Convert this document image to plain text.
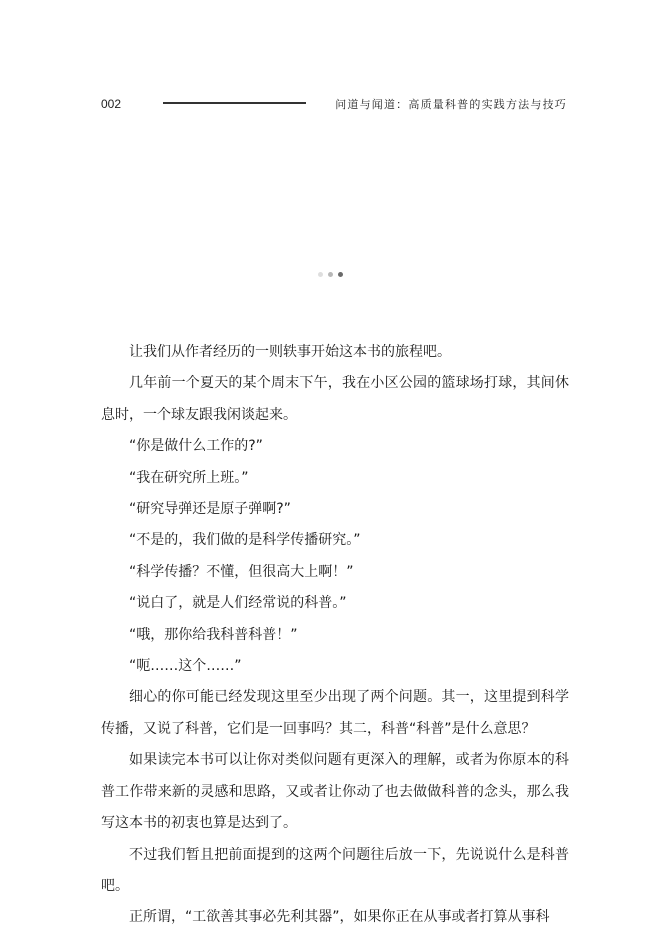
002	问道与闻道：高质量科普的实践方法与技巧

让我们从作者经历的一则轶事开始这本书的旅程吧。

几年前一个夏天的某个周末下午，我在小区公园的篮球场打球，其间休息时，一个球友跟我闲谈起来。

“你是做什么工作的?”

“我在研究所上班。”

“研究导弹还是原子弹啊?”

“不是的，我们做的是科学传播研究。”

“科学传播？不懂，但很高大上啊！”

“说白了，就是人们经常说的科普。”

“哦，那你给我科普科普！”

“呃……这个……”

细心的你可能已经发现这里至少出现了两个问题。其一，这里提到科学传播，又说了科普，它们是一回事吗？其二，科普“科普”是什么意思？

如果读完本书可以让你对类似问题有更深入的理解，或者为你原本的科普工作带来新的灵感和思路，又或者让你动了也去做做科普的念头，那么我写这本书的初衷也算是达到了。

不过我们暂且把前面提到的这两个问题往后放一下，先说说什么是科普吧。

正所谓，“工欲善其事必先利其器”，如果你正在从事或者打算从事科
